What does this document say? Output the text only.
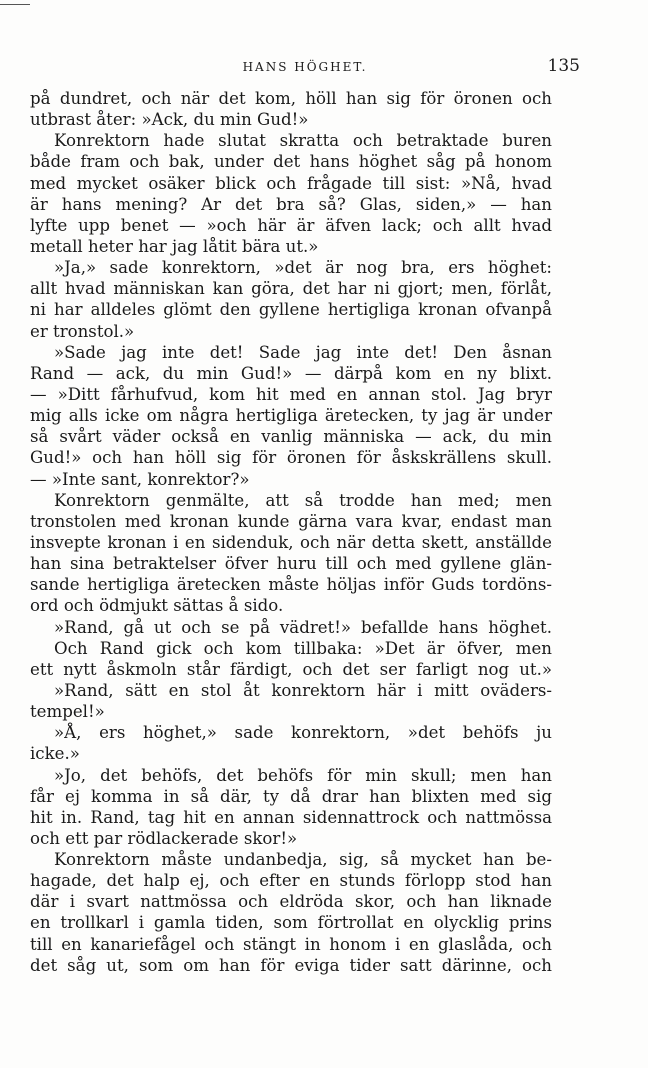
HANS HÖGHET.	135
på dundret, och när det kom, höll han sig för öronen och
utbrast åter: »Ack, du min Gud!»
Konrektorn hade slutat skratta och betraktade buren
både fram och bak, under det hans höghet såg på honom
med mycket osäker blick och frågade till sist: »Nå, hvad
är hans mening? Ar det bra så? Glas, siden,» — han
lyfte upp benet — »och här är äfven lack; och allt hvad
metall heter har jag låtit bära ut.»
»Ja,» sade konrektorn, »det är nog bra, ers höghet:
allt hvad människan kan göra, det har ni gjort; men, förlåt,
ni har alldeles glömt den gyllene hertigliga kronan ofvanpå
er tronstol.»
»Sade jag inte det! Sade jag inte det! Den åsnan
Rand — ack, du min Gud!» — därpå kom en ny blixt.
— »Ditt fårhufvud, kom hit med en annan stol. Jag bryr
mig alls icke om några hertigliga äretecken, ty jag är under
så svårt väder också en vanlig människa — ack, du min
Gud!» och han höll sig för öronen för åskskrällens skull.
— »Inte sant, konrektor?»
Konrektorn genmälte, att så trodde han med; men
tronstolen med kronan kunde gärna vara kvar, endast man
insvepte kronan i en sidenduk, och när detta skett, anställde
han sina betraktelser öfver huru till och med gyllene glän-
sande hertigliga äretecken måste höljas inför Guds tordöns-
ord och ödmjukt sättas å sido.
»Rand, gå ut och se på vädret!» befallde hans höghet.
Och Rand gick och kom tillbaka: »Det är öfver, men
ett nytt åskmoln står färdigt, och det ser farligt nog ut.»
»Rand, sätt en stol åt konrektorn här i mitt oväders-
tempel!»
»Å, ers höghet,» sade konrektorn, »det behöfs ju
icke.»
»Jo, det behöfs, det behöfs för min skull; men han
får ej komma in så där, ty då drar han blixten med sig
hit in. Rand, tag hit en annan sidennattrock och nattmössa
och ett par rödlackerade skor!»
Konrektorn måste undanbedja, sig, så mycket han be-
hagade, det halp ej, och efter en stunds förlopp stod han
där i svart nattmössa och eldröda skor, och han liknade
en trollkarl i gamla tiden, som förtrollat en olycklig prins
till en kanariefågel och stängt in honom i en glaslåda, och
det såg ut, som om han för eviga tider satt därinne, och
